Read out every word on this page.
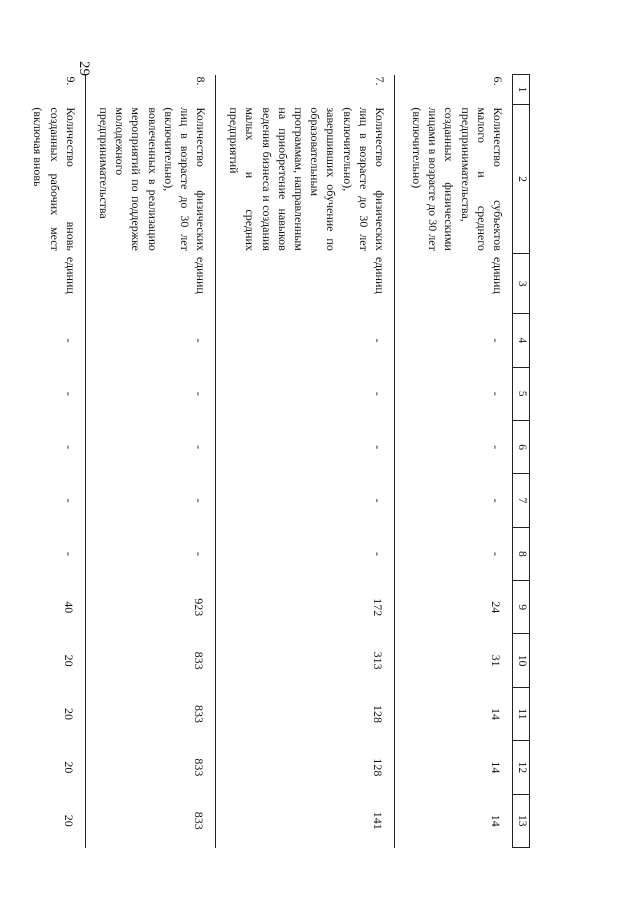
29
1	2	3	4	5	6	7	8	9	10	11	12	13
6.	Количество субъектов малого и среднего предпринимательства, созданных физическими лицами в возрасте до 30 лет (включительно)	единиц	-	-	-	-	-	24	31	14	14	14
7.	Количество физических лиц в возрасте до 30 лет (включительно), завершивших обучение по образовательным программам, направленным на приобретение навыков ведения бизнеса и создания малых и средних предприятий	единиц	-	-	-	-	-	172	313	128	128	141
8.	Количество физических лиц в возрасте до 30 лет (включительно), вовлеченных в реализацию мероприятий по поддержке молодежного предпринимательства	единиц	-	-	-	-	-	923	833	833	833	833
9.	Количество вновь созданных рабочих мест (включая вновь	единиц	-	-	-	-	-	40	20	20	20	20
